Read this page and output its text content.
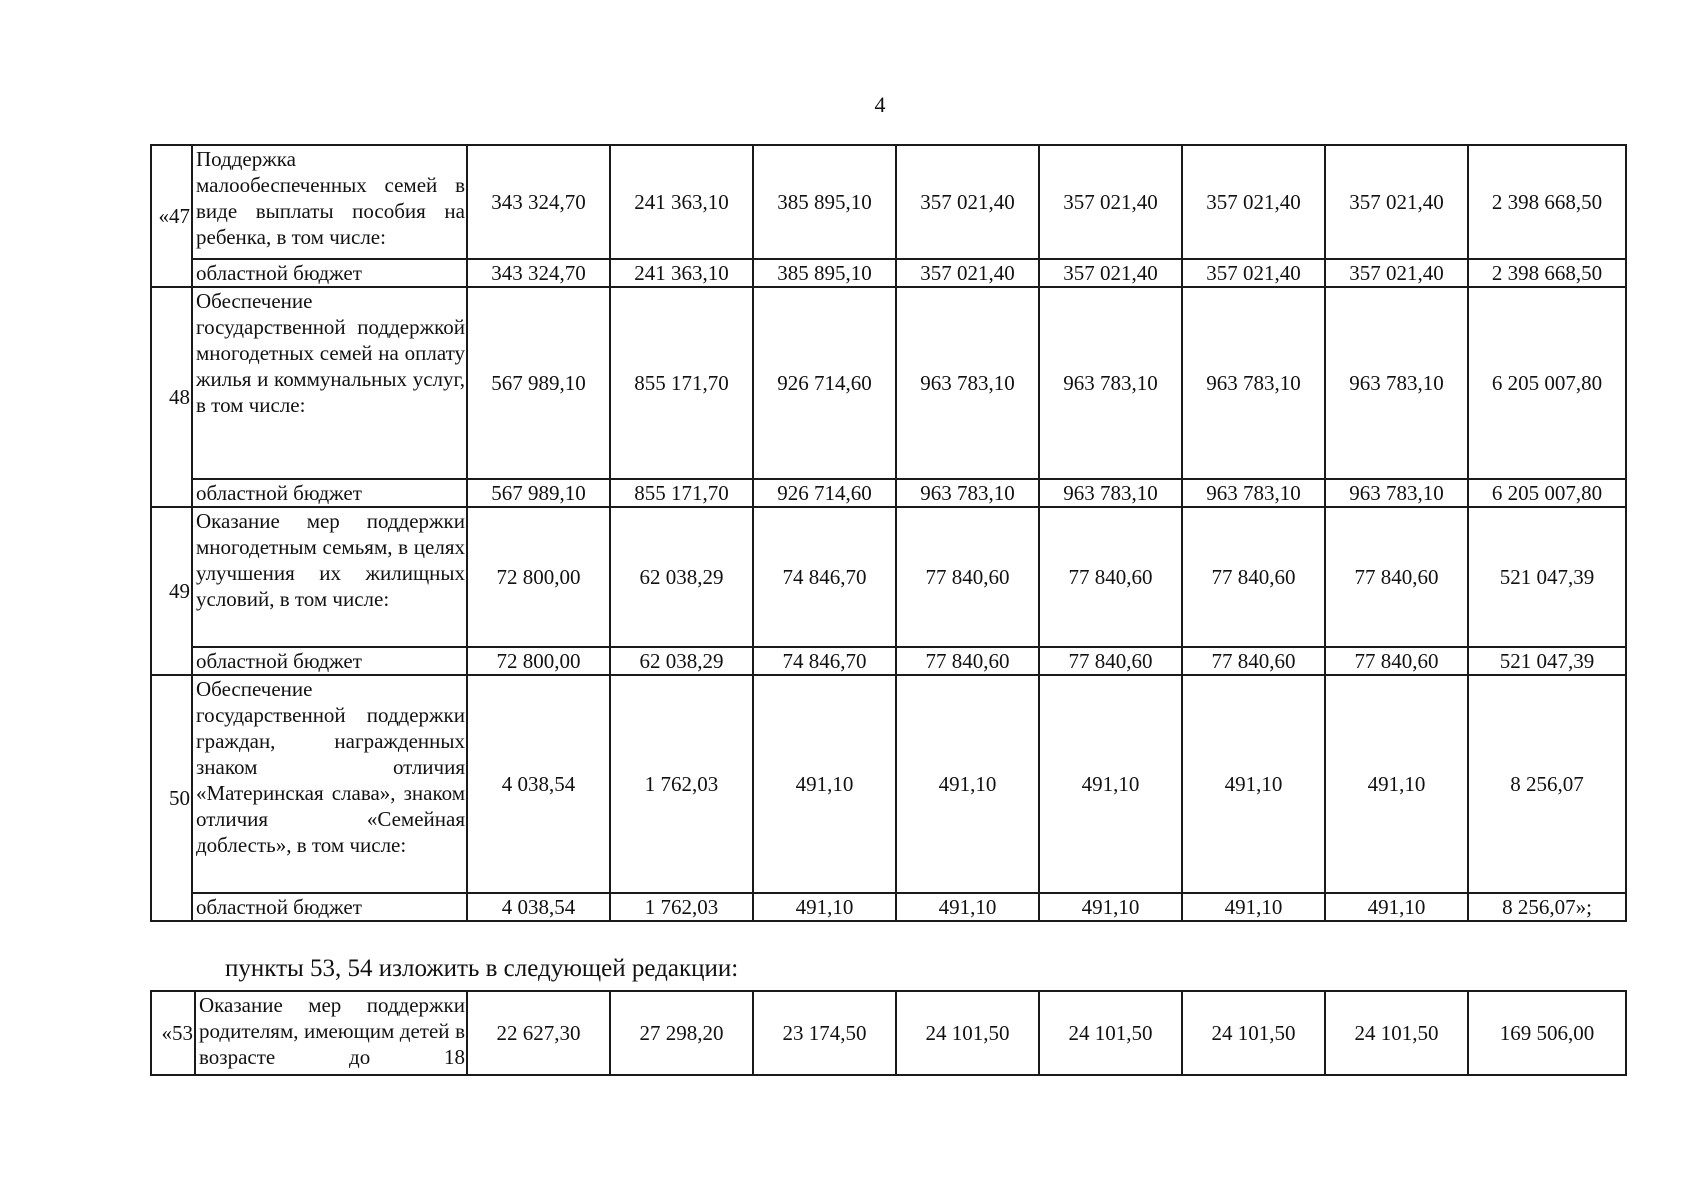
4
«47	Поддержка малообеспеченных семей в виде выплаты пособия на ребенка, в том числе:	343 324,70	241 363,10	385 895,10	357 021,40	357 021,40	357 021,40	357 021,40	2 398 668,50
	областной бюджет	343 324,70	241 363,10	385 895,10	357 021,40	357 021,40	357 021,40	357 021,40	2 398 668,50
48	Обеспечение государственной поддержкой многодетных семей на оплату жилья и коммунальных услуг, в том числе:	567 989,10	855 171,70	926 714,60	963 783,10	963 783,10	963 783,10	963 783,10	6 205 007,80
	областной бюджет	567 989,10	855 171,70	926 714,60	963 783,10	963 783,10	963 783,10	963 783,10	6 205 007,80
49	Оказание мер поддержки многодетным семьям, в целях улучшения их жилищных условий, в том числе:	72 800,00	62 038,29	74 846,70	77 840,60	77 840,60	77 840,60	77 840,60	521 047,39
	областной бюджет	72 800,00	62 038,29	74 846,70	77 840,60	77 840,60	77 840,60	77 840,60	521 047,39
50	Обеспечение государственной поддержки граждан, награжденных знаком отличия «Материнская слава», знаком отличия «Семейная доблесть», в том числе:	4 038,54	1 762,03	491,10	491,10	491,10	491,10	491,10	8 256,07
	областной бюджет	4 038,54	1 762,03	491,10	491,10	491,10	491,10	491,10	8 256,07»;
пункты 53, 54 изложить в следующей редакции:
«53	Оказание мер поддержки родителям, имеющим детей в возрасте до 18	22 627,30	27 298,20	23 174,50	24 101,50	24 101,50	24 101,50	24 101,50	169 506,00
